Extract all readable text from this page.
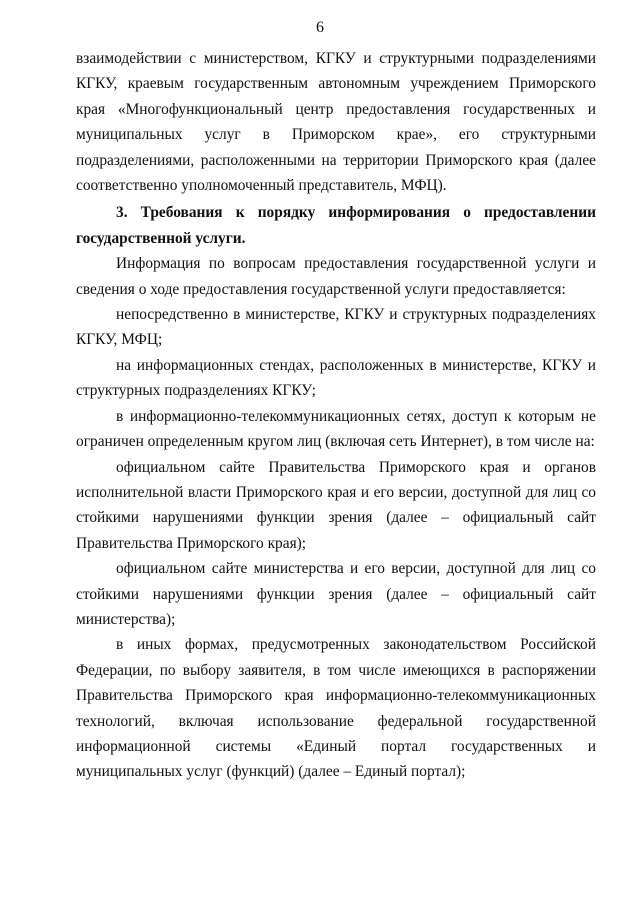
6

взаимодействии с министерством, КГКУ и структурными подразделениями КГКУ, краевым государственным автономным учреждением Приморского края «Многофункциональный центр предоставления государственных и муниципальных услуг в Приморском крае», его структурными подразделениями, расположенными на территории Приморского края (далее соответственно уполномоченный представитель, МФЦ).

3. Требования к порядку информирования о предоставлении государственной услуги.

Информация по вопросам предоставления государственной услуги и сведения о ходе предоставления государственной услуги предоставляется:

непосредственно в министерстве, КГКУ и структурных подразделениях КГКУ, МФЦ;

на информационных стендах, расположенных в министерстве, КГКУ и структурных подразделениях КГКУ;

в информационно-телекоммуникационных сетях, доступ к которым не ограничен определенным кругом лиц (включая сеть Интернет), в том числе на:

официальном сайте Правительства Приморского края и органов исполнительной власти Приморского края и его версии, доступной для лиц со стойкими нарушениями функции зрения (далее – официальный сайт Правительства Приморского края);

официальном сайте министерства и его версии, доступной для лиц со стойкими нарушениями функции зрения (далее – официальный сайт министерства);

в иных формах, предусмотренных законодательством Российской Федерации, по выбору заявителя, в том числе имеющихся в распоряжении Правительства Приморского края информационно-телекоммуникационных технологий, включая использование федеральной государственной информационной системы «Единый портал государственных и муниципальных услуг (функций) (далее – Единый портал);
